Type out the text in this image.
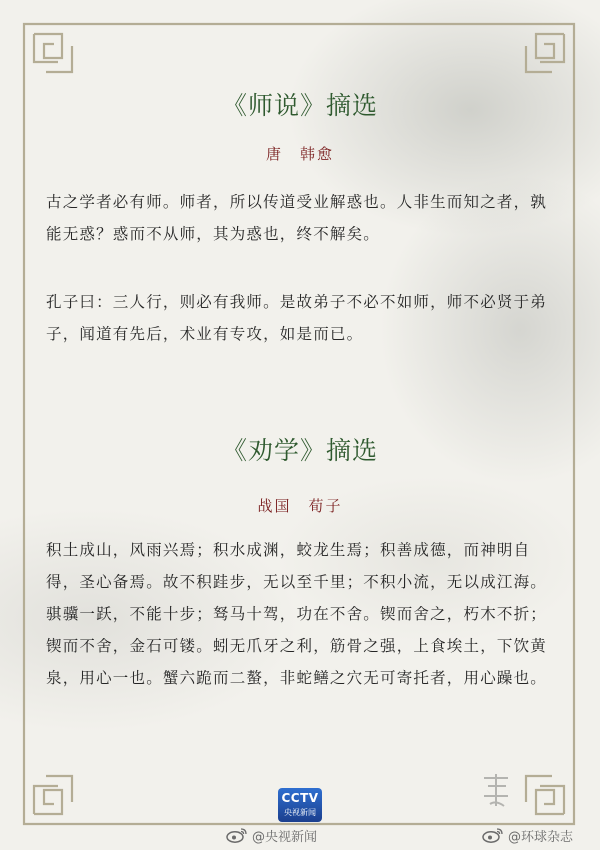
《师说》摘选
唐　韩愈

古之学者必有师。师者，所以传道受业解惑也。人非生而知之者，孰能无惑？惑而不从师，其为惑也，终不解矣。

孔子曰：三人行，则必有我师。是故弟子不必不如师，师不必贤于弟子，闻道有先后，术业有专攻，如是而已。

《劝学》摘选
战国　荀子

积土成山，风雨兴焉；积水成渊，蛟龙生焉；积善成德，而神明自得，圣心备焉。故不积跬步，无以至千里；不积小流，无以成江海。骐骥一跃，不能十步；驽马十驾，功在不舍。锲而舍之，朽木不折；锲而不舍，金石可镂。蚓无爪牙之利，筋骨之强，上食埃土，下饮黄泉，用心一也。蟹六跪而二螯，非蛇鳝之穴无可寄托者，用心躁也。

CCTV
央视新闻
@央视新闻	@环球杂志
